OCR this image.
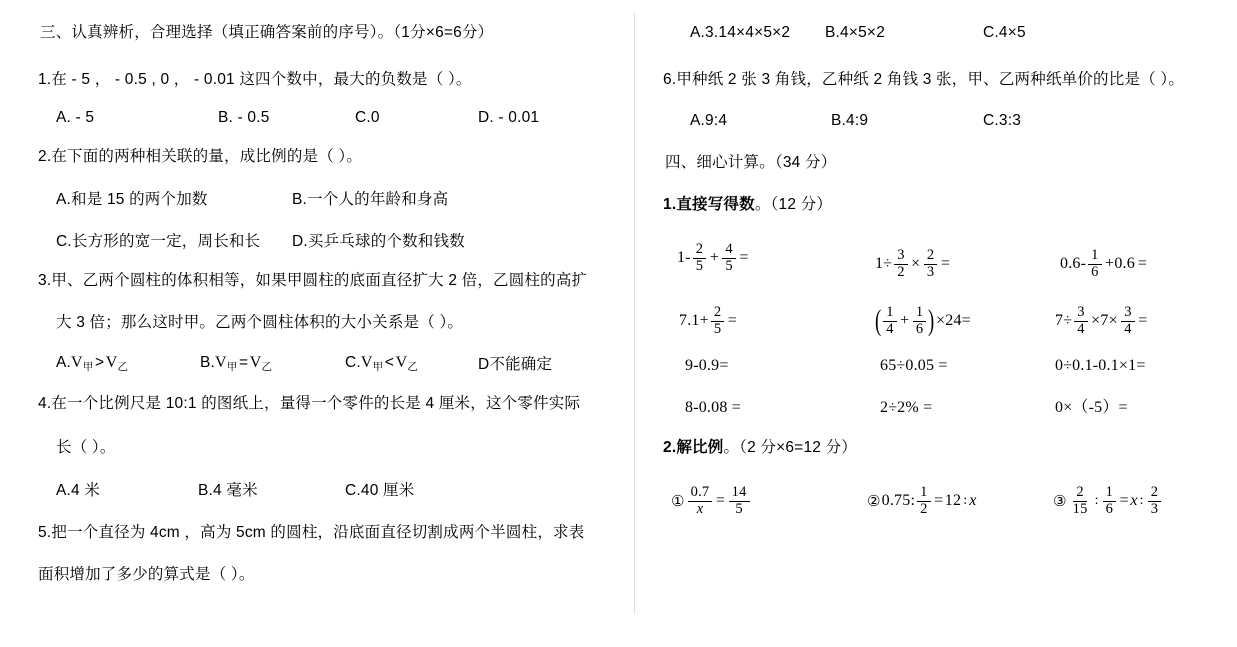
三、认真辨析，合理选择（填正确答案前的序号）。（1分×6=6分）
1.在 - 5 ， - 0.5 , 0 ， - 0.01 这四个数中，最大的负数是（ ）。
A. - 5	B. - 0.5	C.0	D. - 0.01
2.在下面的两种相关联的量，成比例的是（ ）。
A.和是 15 的两个加数	B.一个人的年龄和身高
C.长方形的宽一定，周长和长 D.买乒乓球的个数和钱数
3.甲、乙两个圆柱的体积相等，如果甲圆柱的底面直径扩大 2 倍，乙圆柱的高扩
大 3 倍；那么这时甲。乙两个圆柱体积的大小关系是（ ）。
$A.V_甲>V_乙$	$B.V_甲=V_乙$	$C.V_甲<V_乙$	D不能确定
4.在一个比例尺是 10:1 的图纸上，量得一个零件的长是 4 厘米，这个零件实际
长（ ）。
A.4 米	B.4 毫米	C.40 厘米
5.把一个直径为 4cm ，高为 5cm 的圆柱，沿底面直径切割成两个半圆柱，求表
面积增加了多少的算式是（ ）。
A.3.14×4×5×2 B.4×5×2	C.4×5
6.甲种纸 2 张 3 角钱，乙种纸 2 角钱 3 张，甲、乙两种纸单价的比是（ ）。
A.9:4	B.4:9	C.3:3
四、细心计算。（34 分）
1.直接写得数。（12 分）
$1- \frac{2}{5} + \frac{4}{5}$ =	$1\div \frac{3}{2} \times \frac{2}{3}$ =	$0.6- \frac{1}{6} +0.6$ =
$7.1+ \frac{2}{5}$ =	( $\frac{1}{4} + \frac{1}{6}$ ) ×24=	$7\div \frac{3}{4} \times 7\times \frac{3}{4}$ =
9-0.9=	65÷0.05 =	0÷0.1-0.1×1=
8-0.08 =	2÷2% =	0×（-5）=
2.解比例。（2 分×6=12 分）
① $\frac{0.7}{x} = \frac{14}{5}$	② 0.75: $\frac{1}{2} = 12$ : x	③ $\frac{2}{15}$ : $\frac{1}{6} = x$ : $\frac{2}{3}$
